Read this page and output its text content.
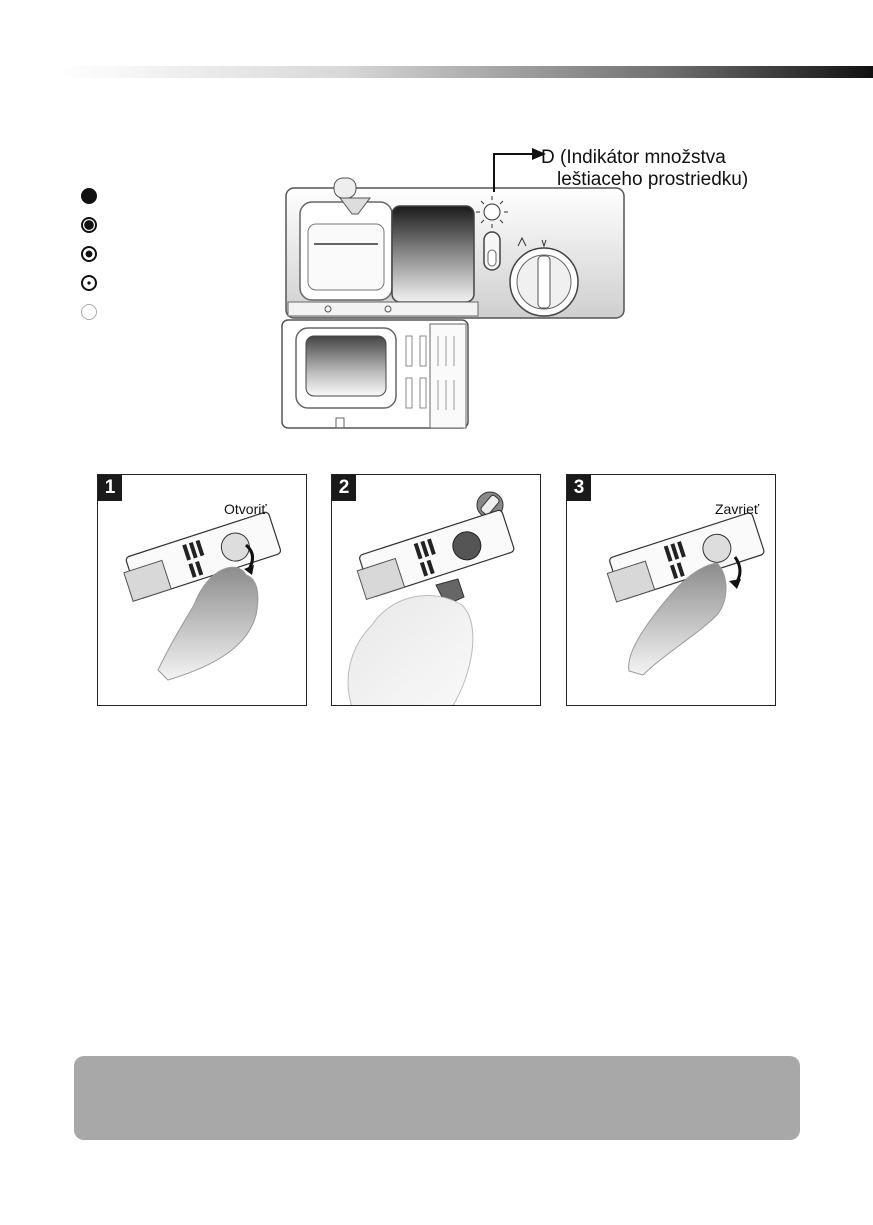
D (Indikátor množstva
leštiaceho prostriedku)
1
Otvoriť
2	3
Zavrieť
